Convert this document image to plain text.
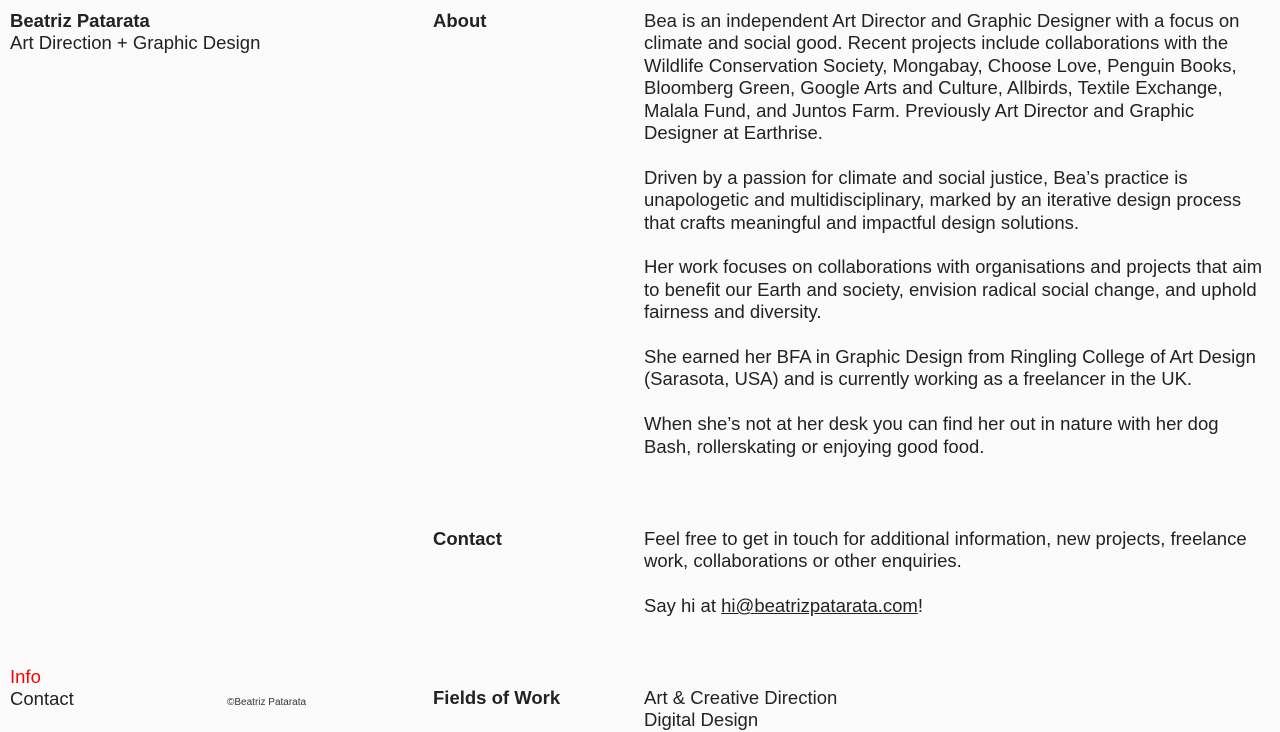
Beatriz Patarata
Art Direction + Graphic Design
Info
Contact	©Beatriz Patarata
About	Bea is an independent Art Director and Graphic Designer with a focus on climate and social good. Recent projects include collaborations with the Wildlife Conservation Society, Mongabay, Choose Love, Penguin Books, Bloomberg Green, Google Arts and Culture, Allbirds, Textile Exchange, Malala Fund, and Juntos Farm. Previously Art Director and Graphic Designer at Earthrise.

Driven by a passion for climate and social justice, Bea’s practice is unapologetic and multidisciplinary, marked by an iterative design process that crafts meaningful and impactful design solutions.

Her work focuses on collaborations with organisations and projects that aim to benefit our Earth and society, envision radical social change, and uphold fairness and diversity.

She earned her BFA in Graphic Design from Ringling College of Art Design (Sarasota, USA) and is currently working as a freelancer in the UK.

When she’s not at her desk you can find her out in nature with her dog Bash, rollerskating or enjoying good food.

Contact	Feel free to get in touch for additional information, new projects, freelance work, collaborations or other enquiries.

Say hi at hi@beatrizpatarata.com!

Fields of Work	Art & Creative Direction
Digital Design
